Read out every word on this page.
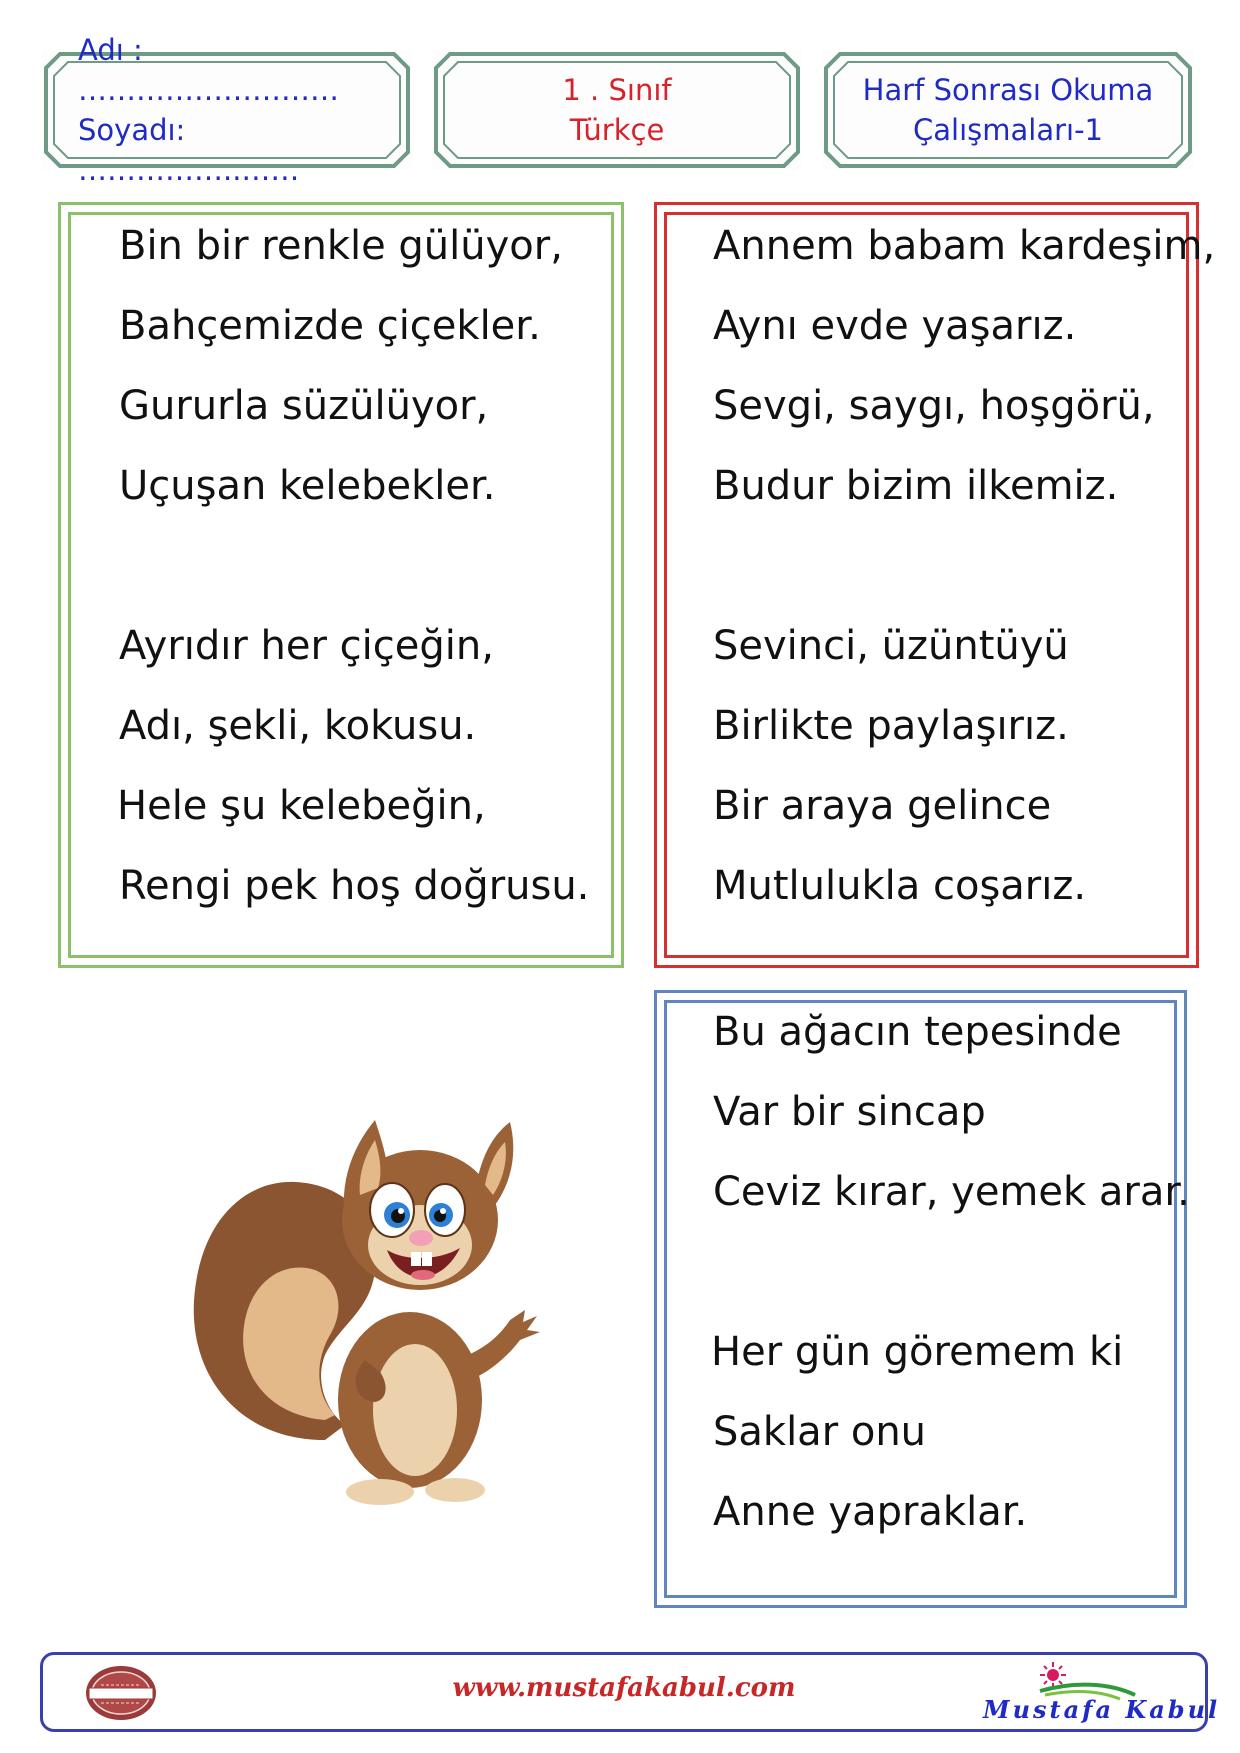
Adı : ………………………
Soyadı: ……………..……
1 . Sınıf
Türkçe
Harf Sonrası Okuma
Çalışmaları-1
Bin bir renkle gülüyor,
Bahçemizde çiçekler.
Gururla süzülüyor,
Uçuşan kelebekler.
Ayrıdır her çiçeğin,
Adı, şekli, kokusu.
Hele şu kelebeğin,
Rengi pek hoş doğrusu.
Annem babam kardeşim,
Aynı evde yaşarız.
Sevgi, saygı, hoşgörü,
Budur bizim ilkemiz.
Sevinci, üzüntüyü
Birlikte paylaşırız.
Bir araya gelince
Mutlulukla coşarız.
Bu ağacın tepesinde
Var bir sincap
Ceviz kırar, yemek arar.
Her gün göremem ki
Saklar onu
Anne yapraklar.
www.mustafakabul.com
Mustafa Kabul
